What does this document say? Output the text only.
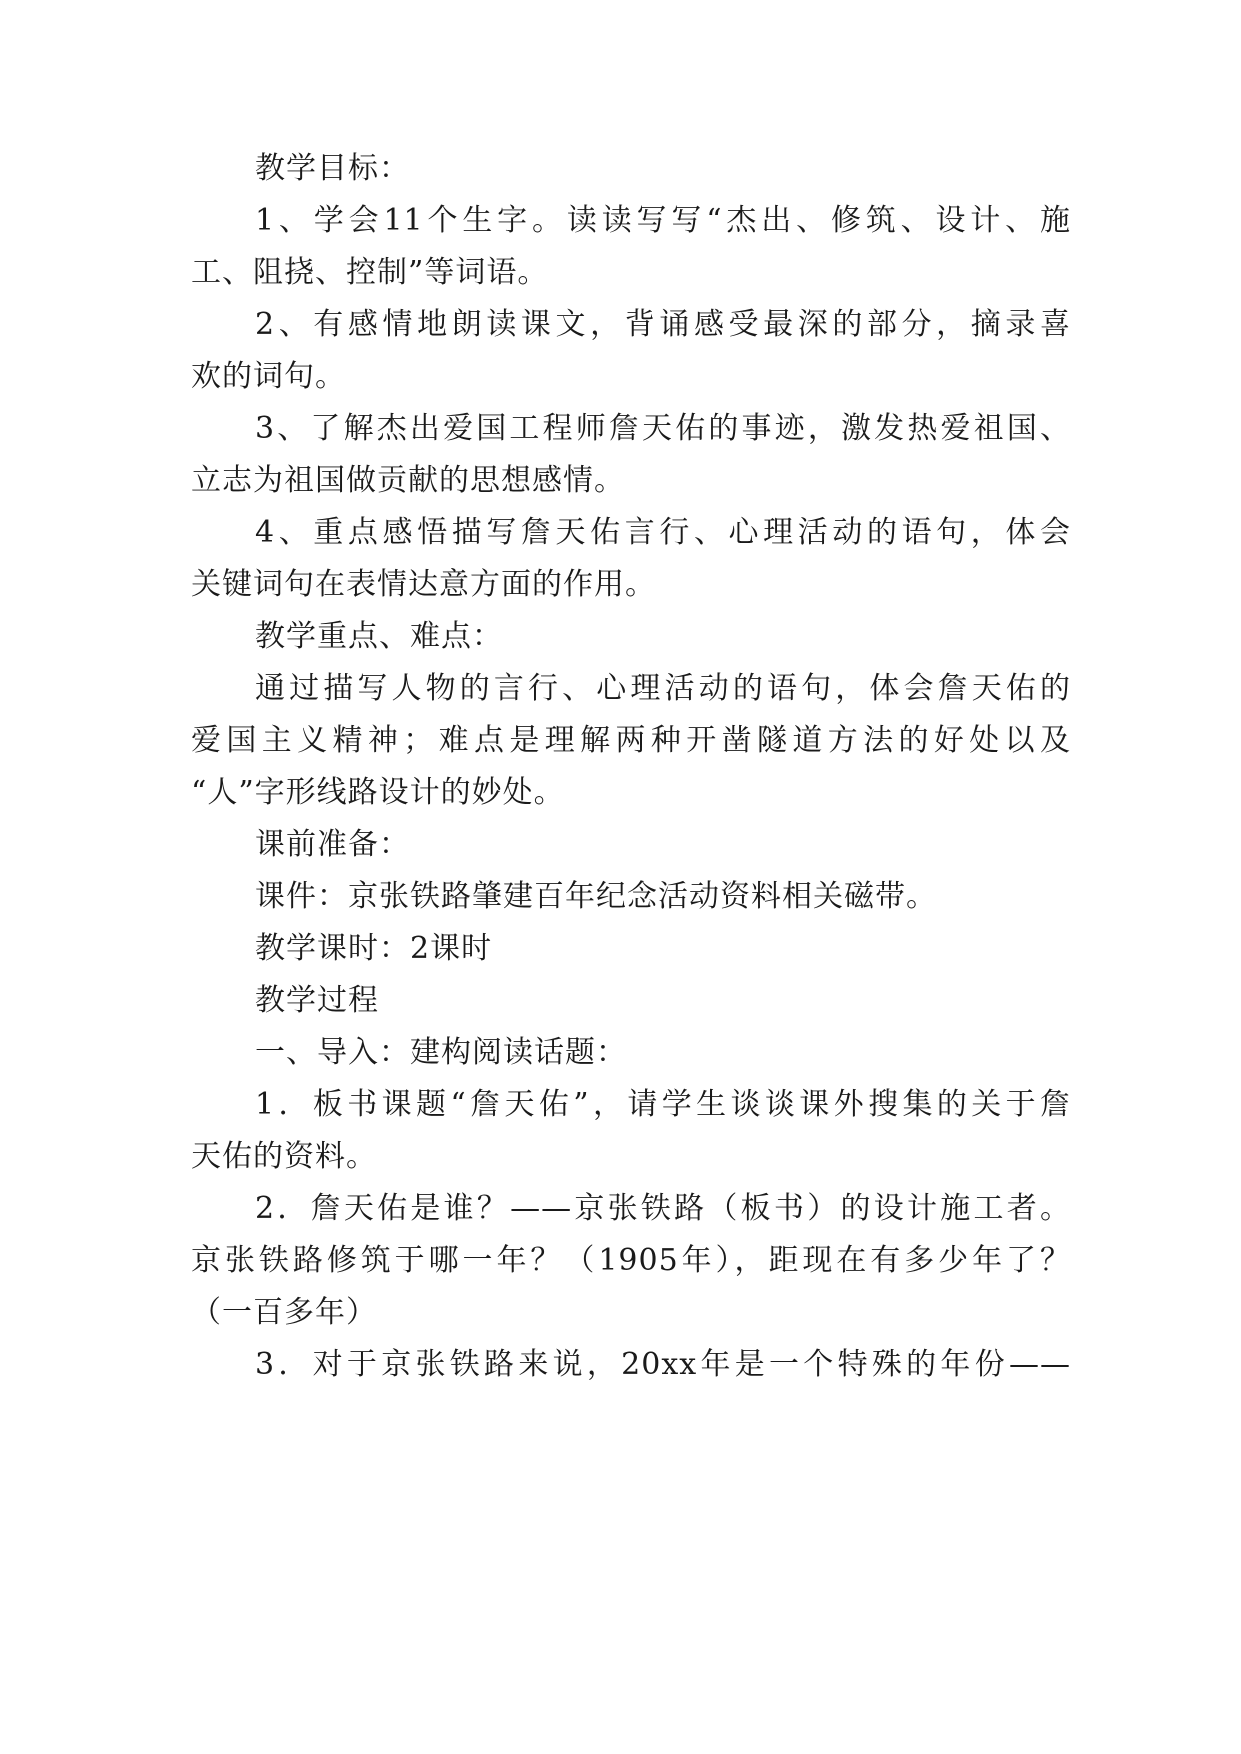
教学目标：
1、学会11个生字。读读写写“杰出、修筑、设计、施
工、阻挠、控制”等词语。
2、有感情地朗读课文，背诵感受最深的部分，摘录喜
欢的词句。
3、了解杰出爱国工程师詹天佑的事迹，激发热爱祖国、
立志为祖国做贡献的思想感情。
4、重点感悟描写詹天佑言行、心理活动的语句，体会
关键词句在表情达意方面的作用。
教学重点、难点：
通过描写人物的言行、心理活动的语句，体会詹天佑的
爱国主义精神；难点是理解两种开凿隧道方法的好处以及
“人”字形线路设计的妙处。
课前准备：
课件：京张铁路肇建百年纪念活动资料相关磁带。
教学课时：2课时
教学过程
一、导入：建构阅读话题：
1．板书课题“詹天佑”，请学生谈谈课外搜集的关于詹
天佑的资料。
2．詹天佑是谁？——京张铁路（板书）的设计施工者。
京张铁路修筑于哪一年？（1905年），距现在有多少年了？
（一百多年）
3．对于京张铁路来说，20xx年是一个特殊的年份——
